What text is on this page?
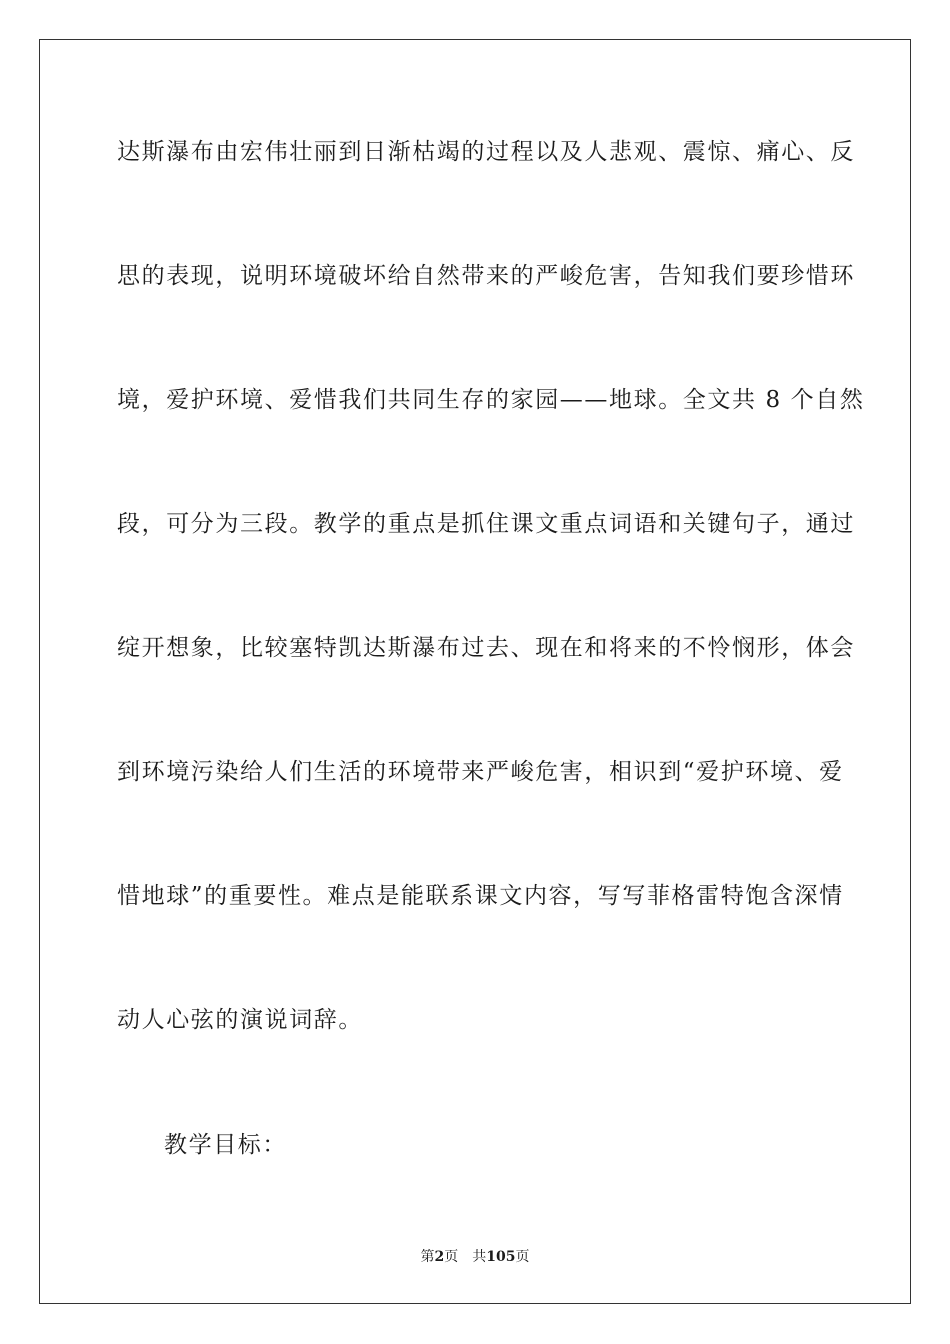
达斯瀑布由宏伟壮丽到日渐枯竭的过程以及人悲观、震惊、痛心、反
思的表现，说明环境破坏给自然带来的严峻危害，告知我们要珍惜环
境，爱护环境、爱惜我们共同生存的家园——地球。全文共 8 个自然
段，可分为三段。教学的重点是抓住课文重点词语和关键句子，通过
绽开想象，比较塞特凯达斯瀑布过去、现在和将来的不怜悯形，体会
到环境污染给人们生活的环境带来严峻危害，相识到“爱护环境、爱
惜地球”的重要性。难点是能联系课文内容，写写菲格雷特饱含深情
动人心弦的演说词辞。
教学目标：
第2页 共105页
